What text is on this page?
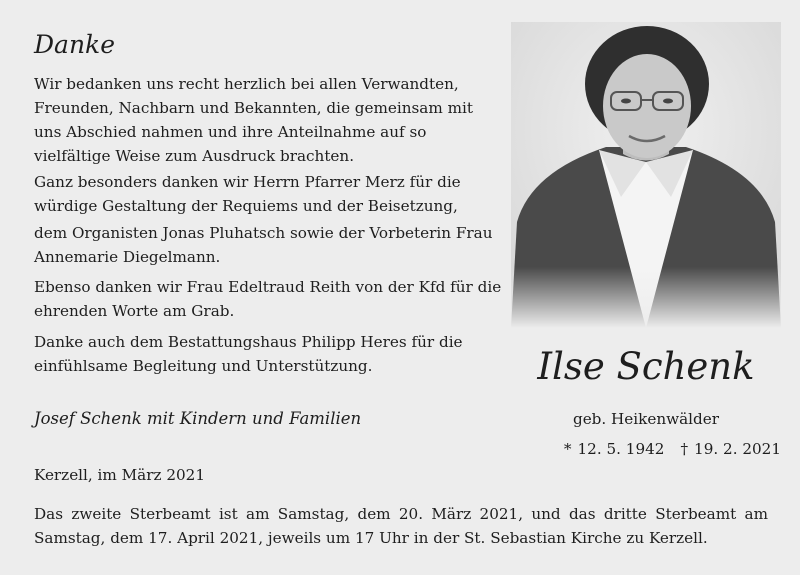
Danke

Wir bedanken uns recht herzlich bei allen Verwandten, Freunden, Nachbarn und Bekannten, die gemeinsam mit uns Abschied nahmen und ihre Anteilnahme auf so vielfältige Weise zum Ausdruck brachten.

Ganz besonders danken wir Herrn Pfarrer Merz für die würdige Gestaltung der Requiems und der Beisetzung,

dem Organisten Jonas Pluhatsch sowie der Vorbeterin Frau Annemarie Diegelmann.

Ebenso danken wir Frau Edeltraud Reith von der Kfd für die ehrenden Worte am Grab.

Danke auch dem Bestattungshaus Philipp Heres für die einfühlsame Begleitung und Unterstützung.

Josef Schenk mit Kindern und Familien

Kerzell, im März 2021

Das zweite Sterbeamt ist am Samstag, dem 20. März 2021, und das dritte Sterbeamt am Samstag, dem 17. April 2021, jeweils um 17 Uhr in der St. Sebastian Kirche zu Kerzell.

Ilse Schenk

geb. Heikenwälder

* 12. 5. 1942 † 19. 2. 2021
